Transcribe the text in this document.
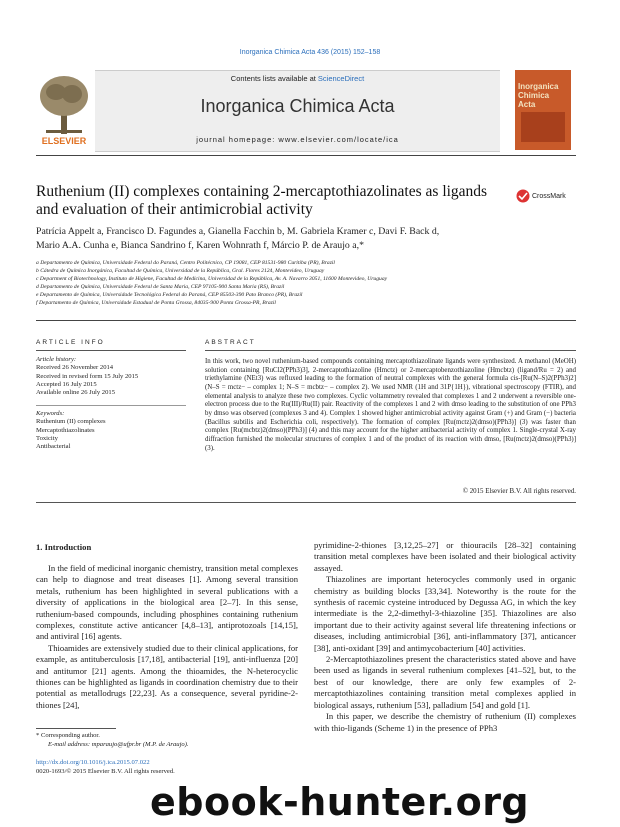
Inorganica Chimica Acta 436 (2015) 152–158
Contents lists available at ScienceDirect
Inorganica Chimica Acta
journal homepage: www.elsevier.com/locate/ica
ELSEVIER
Inorganica
Chimica
Acta
Ruthenium (II) complexes containing 2-mercaptothiazolinates as ligands and evaluation of their antimicrobial activity
CrossMark
Patrícia Appelt a, Francisco D. Fagundes a, Gianella Facchin b, M. Gabriela Kramer c, Davi F. Back d,
Mario A.A. Cunha e, Bianca Sandrino f, Karen Wohnrath f, Márcio P. de Araujo a,*
a Departamento de Química, Universidade Federal do Paraná, Centro Politécnico, CP 19081, CEP 81531-980 Curitiba (PR), Brazil
b Cátedra de Química Inorgánica, Facultad de Química, Universidad de la República, Gral. Flores 2124, Montevideo, Uruguay
c Department of Biotechnology, Instituto de Higiene, Facultad de Medicina, Universidad de la República, Av. A. Navarro 3051, 11600 Montevideo, Uruguay
d Departamento de Química, Universidade Federal de Santa Maria, CEP 97105-900 Santa Maria (RS), Brazil
e Departamento de Química, Universidade Tecnológica Federal do Paraná, CEP 85503-390 Pato Branco (PR), Brazil
f Departamento de Química, Universidade Estadual de Ponta Grossa, 84035-900 Ponta Grossa-PR, Brazil
ARTICLE INFO	ABSTRACT
Article history:
Received 26 November 2014
Received in revised form 15 July 2015
Accepted 16 July 2015
Available online 26 July 2015
Keywords:
Ruthenium (II) complexes
Mercaptothiazolinates
Toxicity
Antibacterial
In this work, two novel ruthenium-based compounds containing mercaptothiazolinate ligands were synthesized. A methanol (MeOH) solution containing [RuCl2(PPh3)3], 2-mercaptothiazoline (Hmctz) or 2-mercaptobenzothiazoline (Hmcbtz) (ligand/Ru = 2) and triethylamine (NEt3) was refluxed leading to the formation of neutral complexes with the general formula cis-[Ru(N–S)2(PPh3)2] (N–S = mctz− – complex 1; N–S = mcbtz− – complex 2). We used NMR (1H and 31P{1H}), vibrational spectroscopy (FTIR), and elemental analysis to analyze these two complexes. Cyclic voltammetry revealed that complexes 1 and 2 underwent a reversible one-electron process due to the Ru(III)/Ru(II) pair. Reactivity of the complexes 1 and 2 with dmso leading to the substitution of one PPh3 by dmso was observed (complexes 3 and 4). Complex 1 showed higher antimicrobial activity against Gram (+) and Gram (−) bacteria (Bacillus subtilis and Escherichia coli, respectively). The formation of complex [Ru(mctz)2(dmso)(PPh3)] (3) was faster than complex [Ru(mcbtz)2(dmso)(PPh3)] (4) and this may account for the higher antibacterial activity of complex 1. Single-crystal X-ray diffraction furnished the molecular structures of complex 1 and of the product of its reaction with dmso, [Ru(mctz)2(dmso)(PPh3)] (3).
© 2015 Elsevier B.V. All rights reserved.
1. Introduction

In the field of medicinal inorganic chemistry, transition metal complexes can help to diagnose and treat diseases [1]. Among several transition metals, ruthenium has been highlighted in several publications with a diversity of applications in the biological area [2–7]. In this sense, ruthenium-based compounds, including phosphines containing ruthenium complexes, constitute active anticancer [4,8–13], antiprotozoals [14,15], and antiviral [16] agents.

Thioamides are extensively studied due to their clinical applications, for example, as antituberculosis [17,18], antibacterial [19], anti-influenza [20] and antitumor [21] agents. Among the thioamides, the N-heterocyclic thiones can be highlighted as ligands in coordination chemistry due to their potential as metallodrugs [22,23]. As a consequence, several pyridine-2-thiones [24],

pyrimidine-2-thiones [3,12,25–27] or thiouracils [28–32] containing transition metal complexes have been isolated and their biological activity assayed.

Thiazolines are important heterocycles commonly used in organic chemistry as building blocks [33,34]. Noteworthy is the route for the synthesis of racemic cysteine introduced by Degussa AG, in which the key intermediate is the 2,2-dimethyl-3-thiazoline [35]. Thiazolines are also important due to their activity against several life threatening infections or diseases, including antimicrobial [36], anti-inflammatory [37], anticancer [38], anti-oxidant [39] and antimycobacterium [40] activities.

2-Mercaptothiazolines present the characteristics stated above and have been used as ligands in several ruthenium complexes [41–52], but, to the best of our knowledge, there are only few examples of 2-mercaptothiazolines containing transition metal complexes applied in biological assays, ruthenium [53], palladium [54] and gold [1].

In this paper, we describe the chemistry of ruthenium (II) complexes with thio-ligands (Scheme 1) in the presence of PPh3

* Corresponding author.
E-mail address: mparaujo@ufpr.br (M.P. de Araujo).
http://dx.doi.org/10.1016/j.ica.2015.07.022
0020-1693/© 2015 Elsevier B.V. All rights reserved.
ebook-hunter.org
